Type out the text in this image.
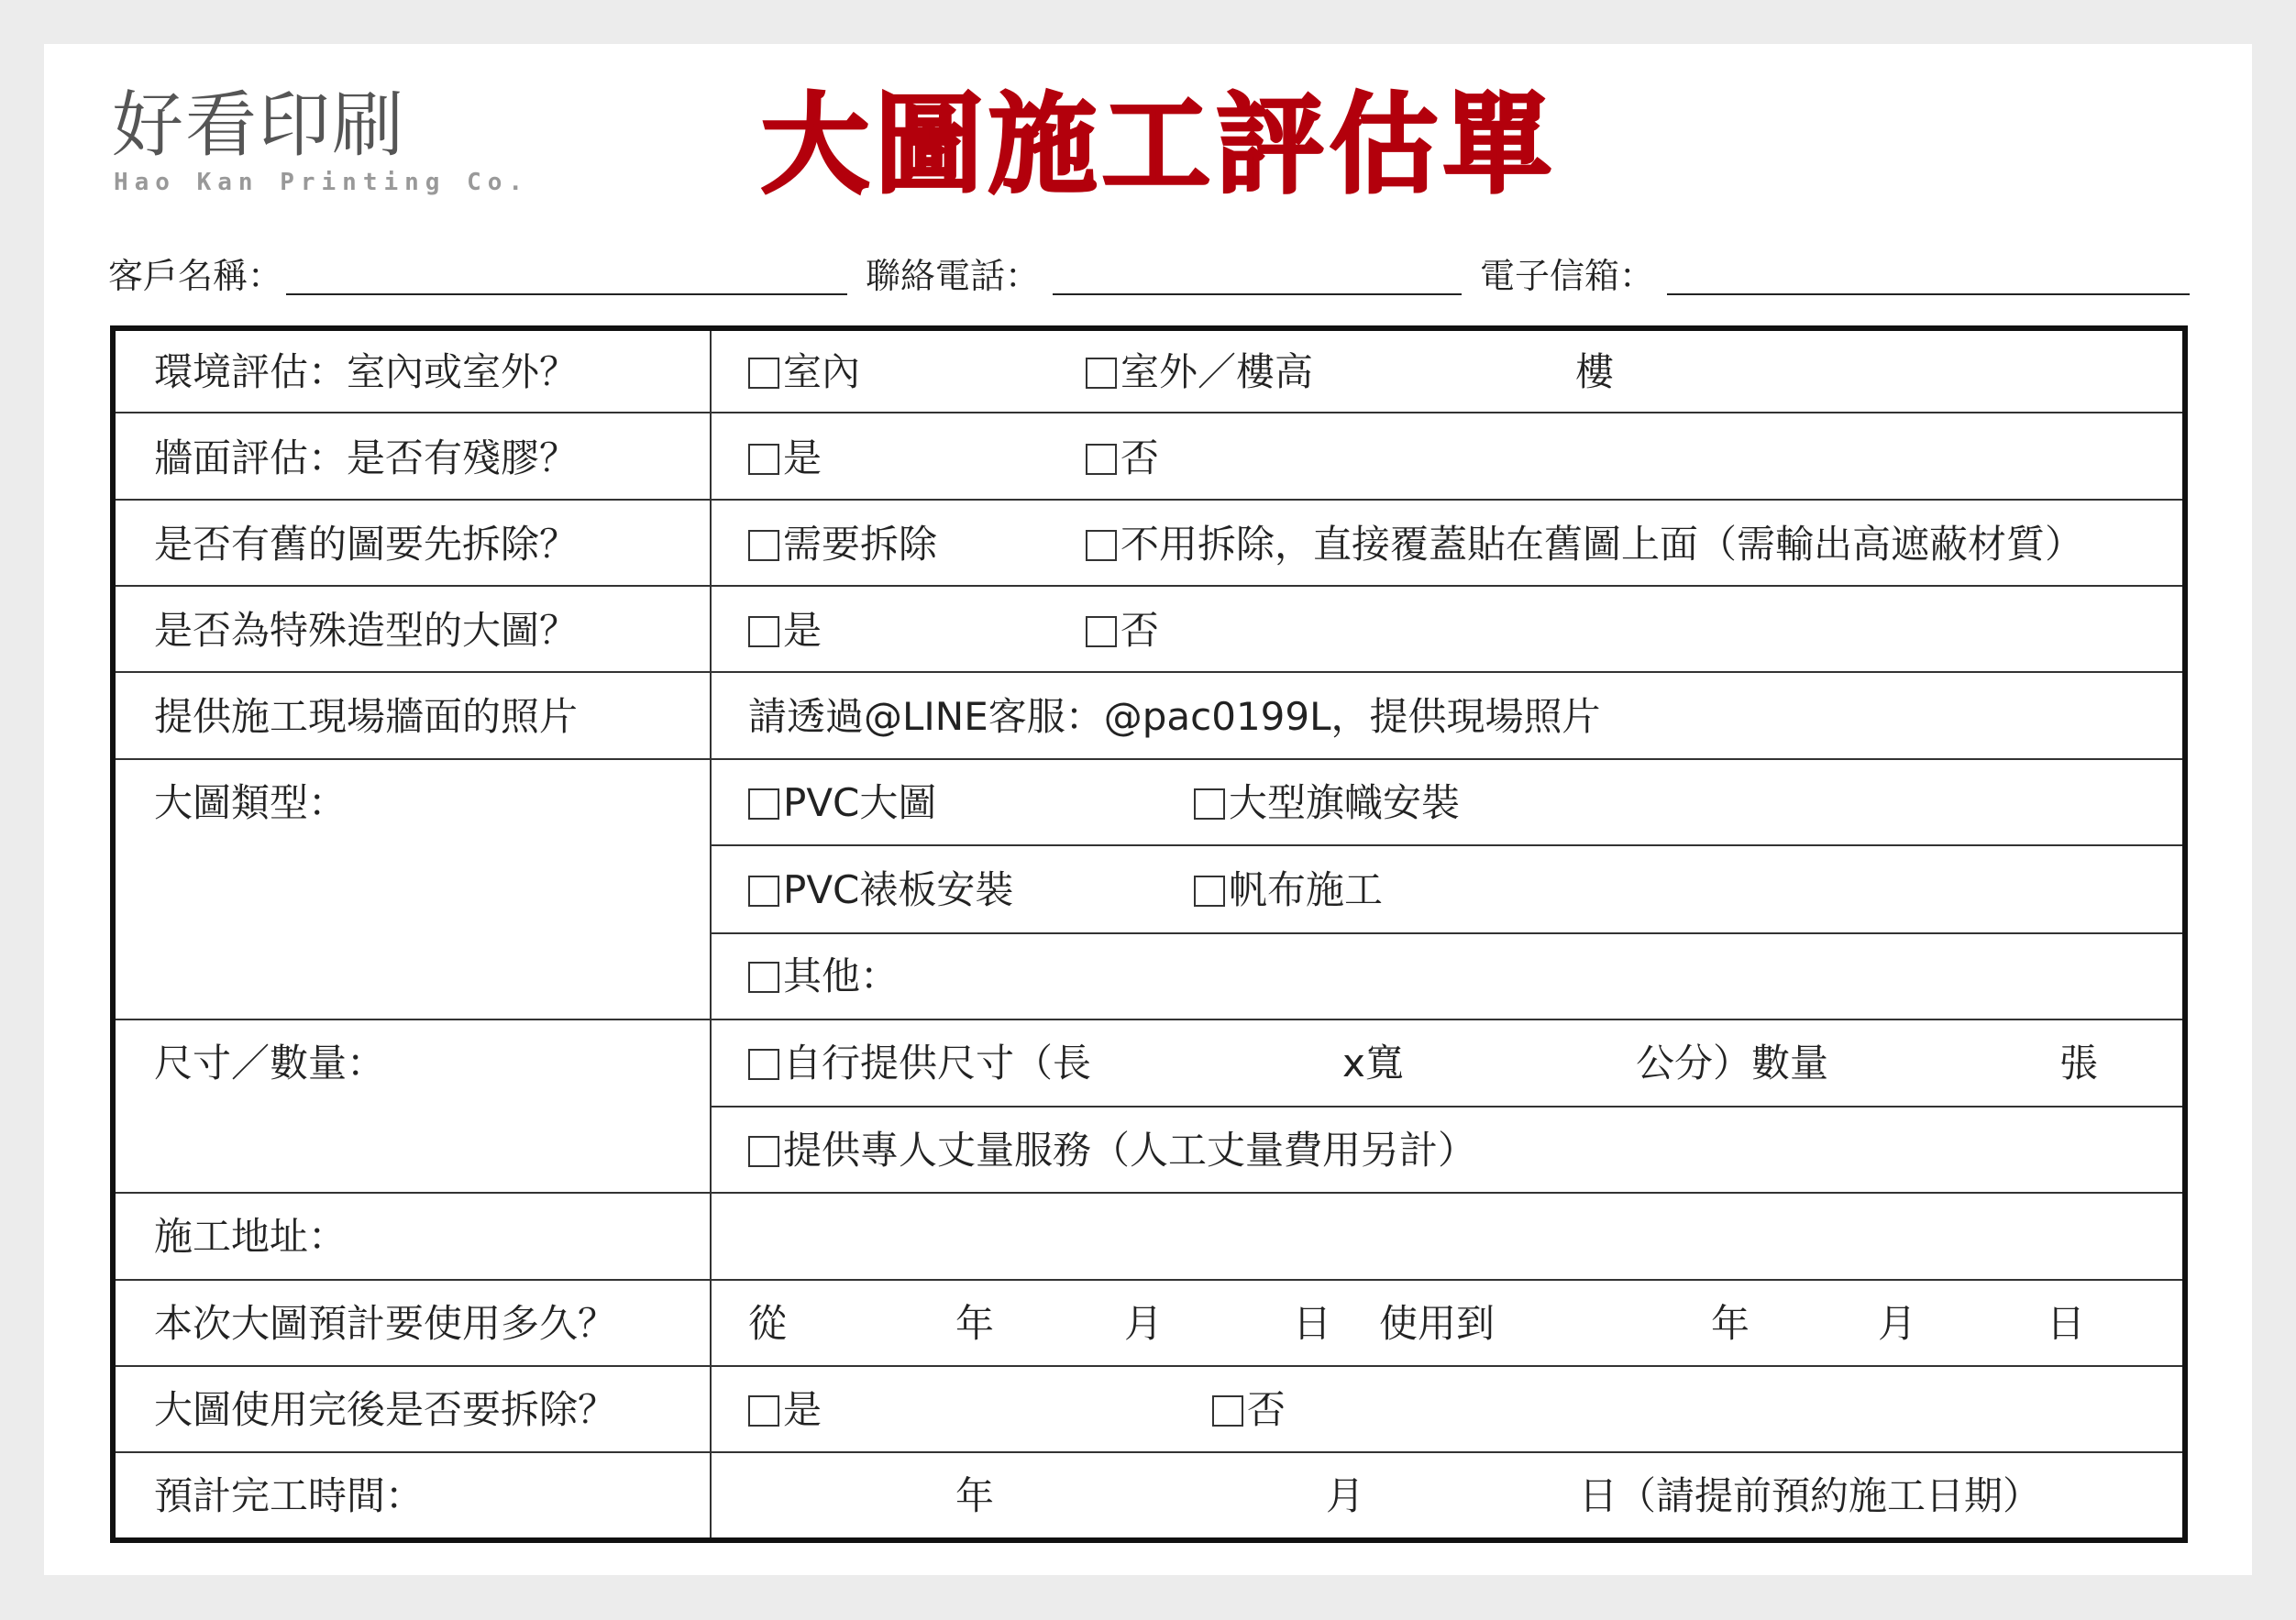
好看印刷
Hao Kan Printing Co. 大圖施工評估單
客戶名稱：	聯絡電話：	電子信箱：
環境評估：室內或室外？	室內	室外／樓高	樓
牆面評估：是否有殘膠？	是	否
是否有舊的圖要先拆除？	需要拆除	不用拆除，直接覆蓋貼在舊圖上面（需輸出高遮蔽材質）
是否為特殊造型的大圖？	是	否
提供施工現場牆面的照片	請透過@LINE客服：@pac0199L，提供現場照片
大圖類型：	PVC大圖	大型旗幟安裝
PVC裱板安裝	帆布施工
其他：
尺寸／數量：	自行提供尺寸（長	x寬	公分）數量	張
提供專人丈量服務（人工丈量費用另計）
施工地址：
本次大圖預計要使用多久？	從	年	月	日 使用到	年	月	日
大圖使用完後是否要拆除？	是	否
預計完工時間：	年	月	日（請提前預約施工日期）
